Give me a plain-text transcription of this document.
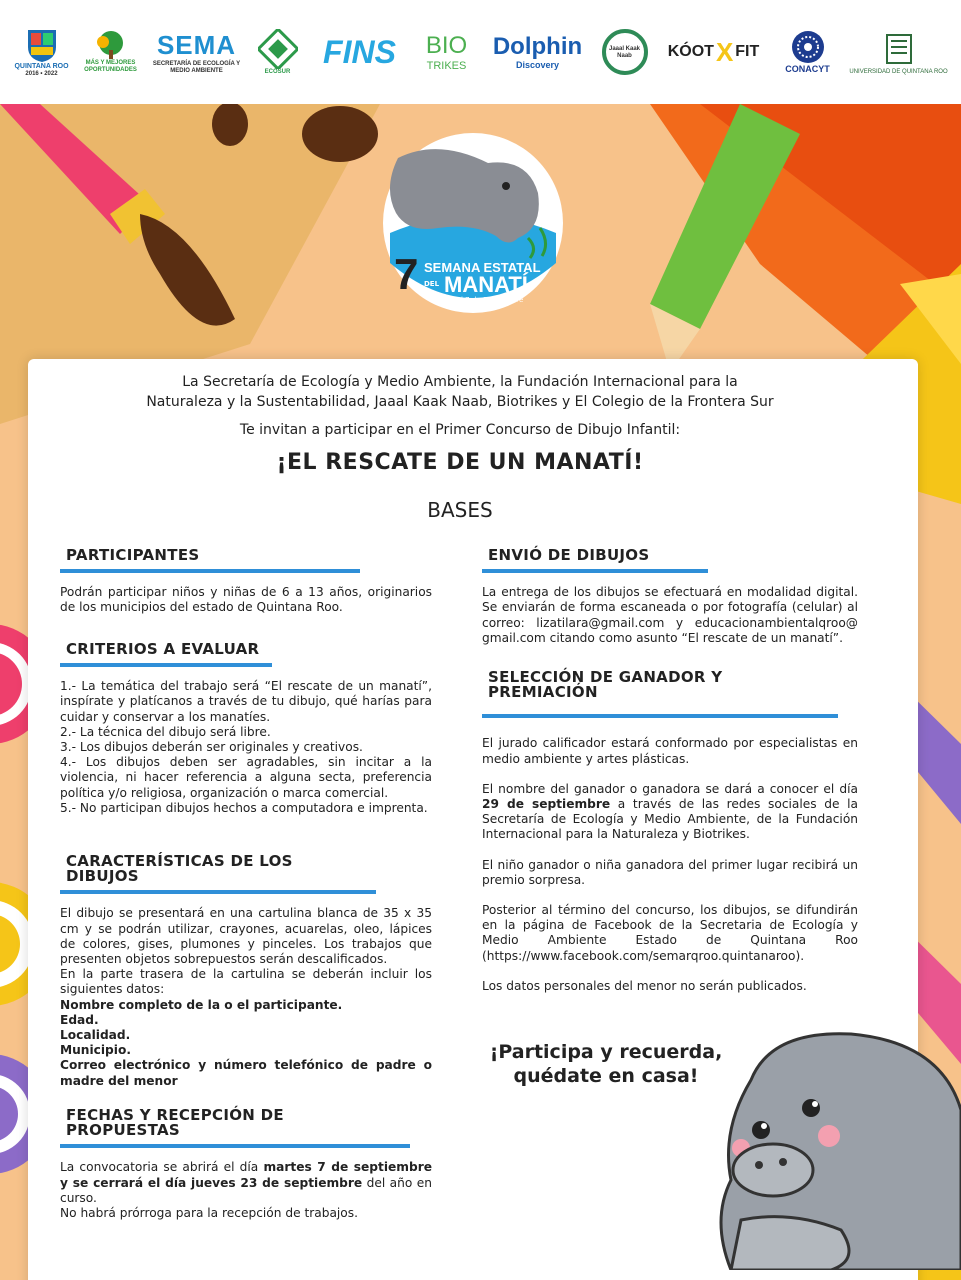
QUINTANA ROO
2016 • 2022
MÁS Y MEJORES OPORTUNIDADES
SEMA
SECRETARÍA DE ECOLOGÍA Y MEDIO AMBIENTE	ECOSUR
FINS BIO
TRIKES
Dolphin
Discovery
Jaaal Kaak Naab	KÓOT X FIT
CONACYT	UNIVERSIDAD DE QUINTANA ROO
7 SEMANA ESTATAL
DEL MANATÍ
1 al 7 de Septiembre
La Secretaría de Ecología y Medio Ambiente, la Fundación Internacional para la
Naturaleza y la Sustentabilidad, Jaaal Kaak Naab, Biotrikes y El Colegio de la Frontera Sur
Te invitan a participar en el Primer Concurso de Dibujo Infantil:
¡EL RESCATE DE UN MANATÍ!
BASES
PARTICIPANTES
Podrán participar niños y niñas de 6 a 13 años, originarios de los municipios del estado de Quintana Roo.
CRITERIOS A EVALUAR
1.- La temática del trabajo será “El rescate de un manatí”, inspírate y platícanos a través de tu dibujo, qué harías para cuidar y conservar a los manatíes.
2.- La técnica del dibujo será libre.
3.- Los dibujos deberán ser originales y creativos.
4.- Los dibujos deben ser agradables, sin incitar a la violencia, ni hacer referencia a alguna secta, preferencia política y/o religiosa, organización o marca comercial.
5.- No participan dibujos hechos a computadora e imprenta.
CARACTERÍSTICAS DE LOS DIBUJOS
El dibujo se presentará en una cartulina blanca de 35 x 35 cm y se podrán utilizar, crayones, acuarelas, oleo, lápices de colores, gises, plumones y pinceles. Los trabajos que presenten objetos sobrepuestos serán descalificados.
En la parte trasera de la cartulina se deberán incluir los siguientes datos:
Nombre completo de la o el participante.
Edad.
Localidad.
Municipio.
Correo electrónico y número telefónico de padre o madre del menor
FECHAS Y RECEPCIÓN DE PROPUESTAS
La convocatoria se abrirá el día martes 7 de septiembre y se cerrará el día jueves 23 de septiembre del año en curso.
No habrá prórroga para la recepción de trabajos.
ENVIÓ DE DIBUJOS
La entrega de los dibujos se efectuará en modalidad digital. Se enviarán de forma escaneada o por fotografía (celular) al correo: lizatilara@gmail.com y educacionambientalqroo@ gmail.com citando como asunto “El rescate de un manatí”.
SELECCIÓN DE GANADOR Y PREMIACIÓN
El jurado calificador estará conformado por especialistas en medio ambiente y artes plásticas.
El nombre del ganador o ganadora se dará a conocer el día 29 de septiembre a través de las redes sociales de la Secretaría de Ecología y Medio Ambiente, de la Fundación Internacional para la Naturaleza y Biotrikes.
El niño ganador o niña ganadora del primer lugar recibirá un premio sorpresa.
Posterior al término del concurso, los dibujos, se difundirán en la página de Facebook de la Secretaria de Ecología y Medio Ambiente Estado de Quintana Roo (https://www.facebook.com/semarqroo.quintanaroo).
Los datos personales del menor no serán publicados.
¡Participa y recuerda,
quédate en casa!
